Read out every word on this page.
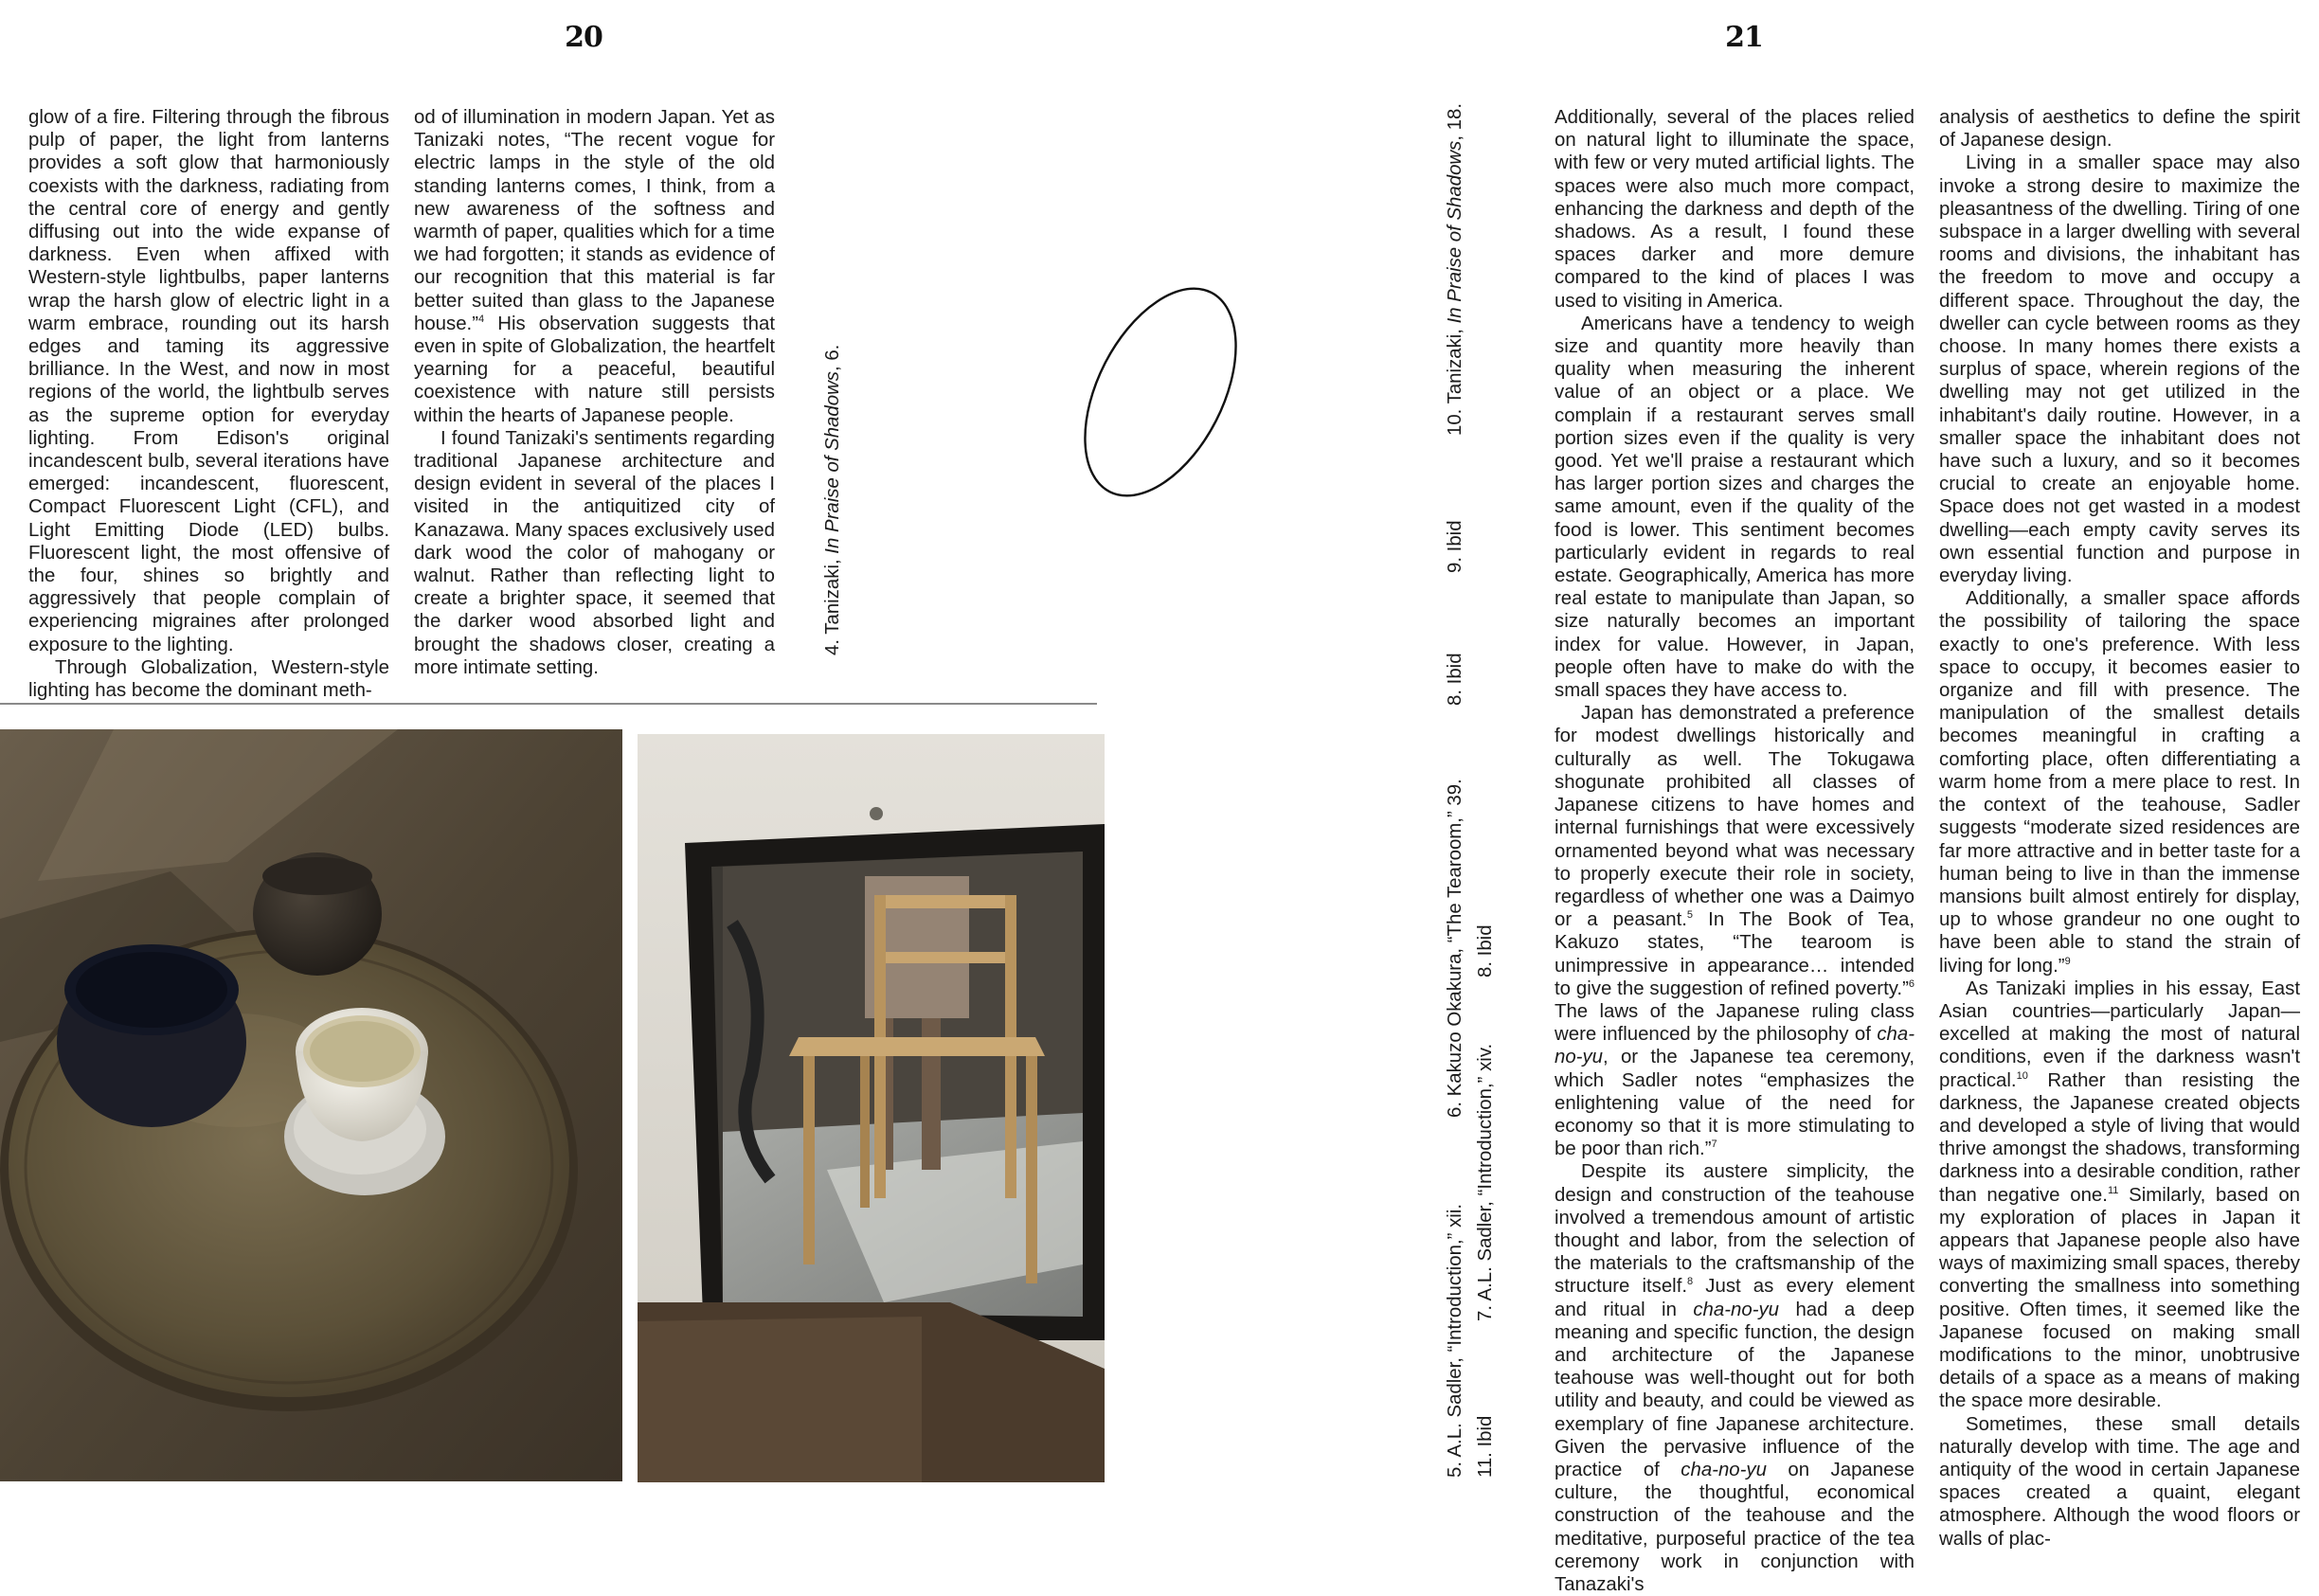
20	21

glow of a fire. Filtering through the fibrous pulp of paper, the light from lanterns provides a soft glow that harmoniously coexists with the darkness, radiating from the central core of energy and gently diffusing out into the wide expanse of darkness. Even when affixed with Western-style lightbulbs, paper lanterns wrap the harsh glow of electric light in a warm embrace, rounding out its harsh edges and taming its aggressive brilliance. In the West, and now in most regions of the world, the lightbulb serves as the supreme option for everyday lighting. From Edison's original incandescent bulb, several iterations have emerged: incandescent, fluorescent, Compact Fluorescent Light (CFL), and Light Emitting Diode (LED) bulbs. Fluorescent light, the most offensive of the four, shines so brightly and aggressively that people complain of experiencing migraines after prolonged exposure to the lighting.

Through Globalization, Western-style lighting has become the dominant meth-

od of illumination in modern Japan. Yet as Tanizaki notes, “The recent vogue for electric lamps in the style of the old standing lanterns comes, I think, from a new awareness of the softness and warmth of paper, qualities which for a time we had forgotten; it stands as evidence of our recognition that this material is far better suited than glass to the Japanese house.”$^4$ His observation suggests that even in spite of Globalization, the heartfelt yearning for a peaceful, beautiful coexistence with nature still persists within the hearts of Japanese people.

I found Tanizaki's sentiments regarding traditional Japanese architecture and design evident in several of the places I visited in the antiquitized city of Kanazawa. Many spaces exclusively used dark wood the color of mahogany or walnut. Rather than reflecting light to create a brighter space, it seemed that the darker wood absorbed light and brought the shadows closer, creating a more intimate setting.

4. Tanizaki, In Praise of Shadows, 6.	10. Tanizaki, In Praise of Shadows, 18.
9. Ibid
8. Ibid
6. Kakuzo Okakura, “The Tearoom,” 39. 8. Ibid
5. A.L. Sadler, “Introduction,” xii.
7. A.L. Sadler, “Introduction,” xiv.
11. Ibid

Additionally, several of the places relied on natural light to illuminate the space, with few or very muted artificial lights. The spaces were also much more compact, enhancing the darkness and depth of the shadows. As a result, I found these spaces darker and more demure compared to the kind of places I was used to visiting in America.

Americans have a tendency to weigh size and quantity more heavily than quality when measuring the inherent value of an object or a place. We complain if a restaurant serves small portion sizes even if the quality is very good. Yet we'll praise a restaurant which has larger portion sizes and charges the same amount, even if the quality of the food is lower. This sentiment becomes particularly evident in regards to real estate. Geographically, America has more real estate to manipulate than Japan, so size naturally becomes an important index for value. However, in Japan, people often have to make do with the small spaces they have access to.

Japan has demonstrated a preference for modest dwellings historically and culturally as well. The Tokugawa shogunate prohibited all classes of Japanese citizens to have homes and internal furnishings that were excessively ornamented beyond what was necessary to properly execute their role in society, regardless of whether one was a Daimyo or a peasant.$^5$ In The Book of Tea, Kakuzo states, “The tearoom is unimpressive in appearance… intended to give the suggestion of refined poverty.”$^6$ The laws of the Japanese ruling class were influenced by the philosophy of cha-no-yu, or the Japanese tea ceremony, which Sadler notes “emphasizes the enlightening value of the need for economy so that it is more stimulating to be poor than rich.”$^7$

Despite its austere simplicity, the design and construction of the teahouse involved a tremendous amount of artistic thought and labor, from the selection of the materials to the craftsmanship of the structure itself.$^8$ Just as every element and ritual in cha-no-yu had a deep meaning and specific function, the design and architecture of the Japanese teahouse was well-thought out for both utility and beauty, and could be viewed as exemplary of fine Japanese architecture. Given the pervasive influence of the practice of cha-no-yu on Japanese culture, the thoughtful, economical construction of the teahouse and the meditative, purposeful practice of the tea ceremony work in conjunction with Tanazaki's

analysis of aesthetics to define the spirit of Japanese design.

Living in a smaller space may also invoke a strong desire to maximize the pleasantness of the dwelling. Tiring of one subspace in a larger dwelling with several rooms and divisions, the inhabitant has the freedom to move and occupy a different space. Throughout the day, the dweller can cycle between rooms as they choose. In many homes there exists a surplus of space, wherein regions of the dwelling may not get utilized in the inhabitant's daily routine. However, in a smaller space the inhabitant does not have such a luxury, and so it becomes crucial to create an enjoyable home. Space does not get wasted in a modest dwelling—each empty cavity serves its own essential function and purpose in everyday living.

Additionally, a smaller space affords the possibility of tailoring the space exactly to one's preference. With less space to occupy, it becomes easier to organize and fill with presence. The manipulation of the smallest details becomes meaningful in crafting a comforting place, often differentiating a warm home from a mere place to rest. In the context of the teahouse, Sadler suggests “moderate sized residences are far more attractive and in better taste for a human being to live in than the immense mansions built almost entirely for display, up to whose grandeur no one ought to have been able to stand the strain of living for long.”$^9$

As Tanizaki implies in his essay, East Asian countries—particularly Japan—excelled at making the most of natural conditions, even if the darkness wasn't practical.$^{10}$ Rather than resisting the darkness, the Japanese created objects and developed a style of living that would thrive amongst the shadows, transforming darkness into a desirable condition, rather than negative one.$^{11}$ Similarly, based on my exploration of places in Japan it appears that Japanese people also have ways of maximizing small spaces, thereby converting the smallness into something positive. Often times, it seemed like the Japanese focused on making small modifications to the minor, unobtrusive details of a space as a means of making the space more desirable.

Sometimes, these small details naturally develop with time. The age and antiquity of the wood in certain Japanese spaces created a quaint, elegant atmosphere. Although the wood floors or walls of plac-
